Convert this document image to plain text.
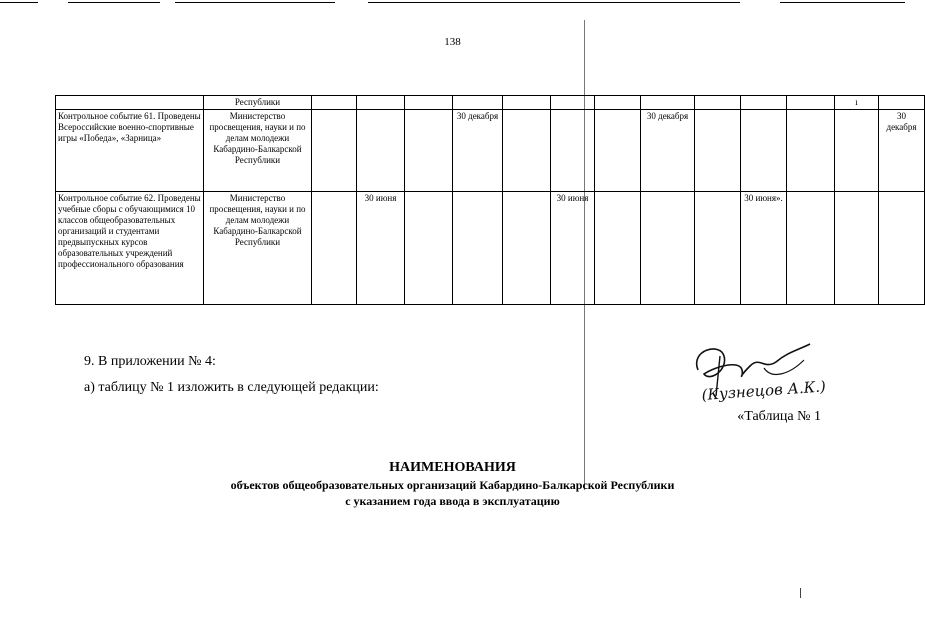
138
	Республики												ı	
Контрольное событие 61. Проведены Всероссийские военно-спортивные игры «Победа», «Зарница»	Министерство просвещения, науки и по делам молодежи Кабардино-Балкарской Республики				30 декабря				30 декабря					30 декабря
Контрольное событие 62. Проведены учебные сборы с обучающимися 10 классов общеобразовательных организаций и студентами предвыпускных курсов образовательных учреждений профессионального образования	Министерство просвещения, науки и по делам молодежи Кабардино-Балкарской Республики		30 июня				30 июня				30 июня».			
9. В приложении № 4:
а) таблицу № 1 изложить в следующей редакции:	(Кузнецов А.К.)
«Таблица № 1
НАИМЕНОВАНИЯ
объектов общеобразовательных организаций Кабардино-Балкарской Республики
с указанием года ввода в эксплуатацию
